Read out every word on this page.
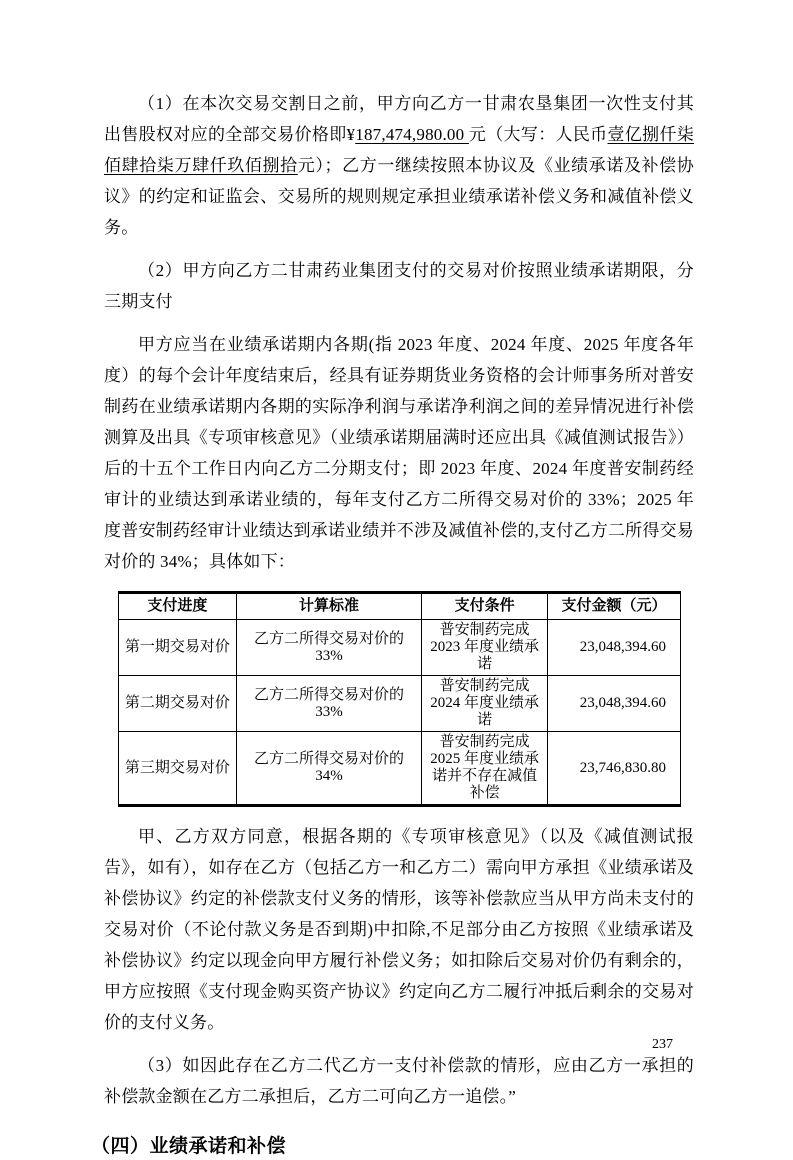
（1）在本次交易交割日之前，甲方向乙方一甘肃农垦集团一次性支付其出售股权对应的全部交易价格即¥187,474,980.00 元（大写：人民币壹亿捌仟柒佰肆拾柒万肆仟玖佰捌拾元）；乙方一继续按照本协议及《业绩承诺及补偿协议》的约定和证监会、交易所的规则规定承担业绩承诺补偿义务和减值补偿义务。

（2）甲方向乙方二甘肃药业集团支付的交易对价按照业绩承诺期限，分三期支付

甲方应当在业绩承诺期内各期(指 2023 年度、2024 年度、2025 年度各年度）的每个会计年度结束后，经具有证券期货业务资格的会计师事务所对普安制药在业绩承诺期内各期的实际净利润与承诺净利润之间的差异情况进行补偿测算及出具《专项审核意见》（业绩承诺期届满时还应出具《减值测试报告》）后的十五个工作日内向乙方二分期支付；即 2023 年度、2024 年度普安制药经审计的业绩达到承诺业绩的，每年支付乙方二所得交易对价的 33%；2025 年度普安制药经审计业绩达到承诺业绩并不涉及减值补偿的,支付乙方二所得交易对价的 34%；具体如下：

支付进度	计算标准	支付条件	支付金额（元）
第一期交易对价	乙方二所得交易对价的 33%	普安制药完成 2023 年度业绩承诺	23,048,394.60
第二期交易对价	乙方二所得交易对价的 33%	普安制药完成 2024 年度业绩承诺	23,048,394.60
第三期交易对价	乙方二所得交易对价的 34%	普安制药完成 2025 年度业绩承诺并不存在减值补偿	23,746,830.80

甲、乙方双方同意，根据各期的《专项审核意见》（以及《减值测试报告》，如有），如存在乙方（包括乙方一和乙方二）需向甲方承担《业绩承诺及补偿协议》约定的补偿款支付义务的情形，该等补偿款应当从甲方尚未支付的交易对价（不论付款义务是否到期)中扣除,不足部分由乙方按照《业绩承诺及补偿协议》约定以现金向甲方履行补偿义务；如扣除后交易对价仍有剩余的，甲方应按照《支付现金购买资产协议》约定向乙方二履行冲抵后剩余的交易对价的支付义务。

（3）如因此存在乙方二代乙方一支付补偿款的情形，应由乙方一承担的补偿款金额在乙方二承担后，乙方二可向乙方一追偿。”

（四）业绩承诺和补偿
237
